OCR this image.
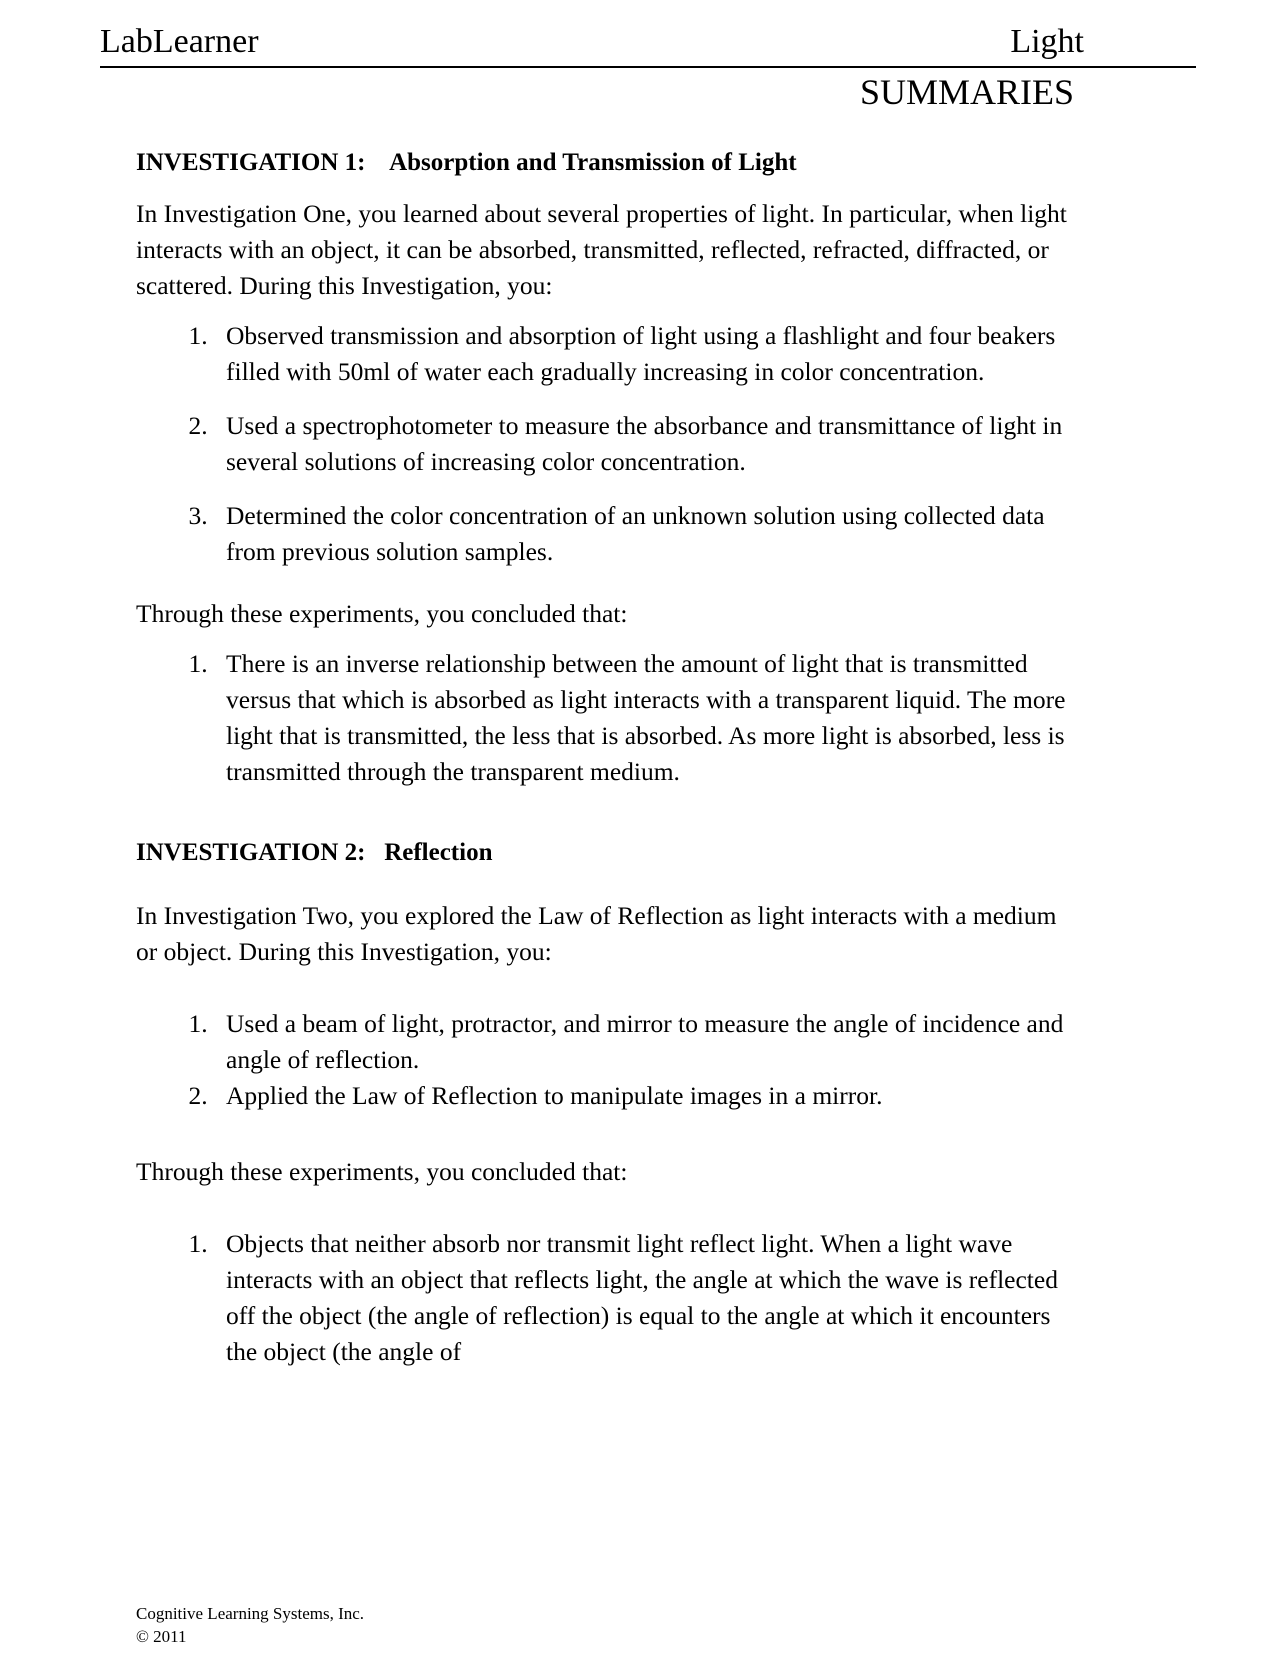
LabLearner	Light
SUMMARIES
INVESTIGATION 1:    Absorption and Transmission of Light

In Investigation One, you learned about several properties of light. In particular, when light interacts with an object, it can be absorbed, transmitted, reflected, refracted, diffracted, or scattered. During this Investigation, you:

1. Observed transmission and absorption of light using a flashlight and four beakers filled with 50ml of water each gradually increasing in color concentration.
2. Used a spectrophotometer to measure the absorbance and transmittance of light in several solutions of increasing color concentration.
3. Determined the color concentration of an unknown solution using collected data from previous solution samples.

Through these experiments, you concluded that:

1. There is an inverse relationship between the amount of light that is transmitted versus that which is absorbed as light interacts with a transparent liquid. The more light that is transmitted, the less that is absorbed. As more light is absorbed, less is transmitted through the transparent medium.
INVESTIGATION 2:   Reflection

In Investigation Two, you explored the Law of Reflection as light interacts with a medium or object. During this Investigation, you:

1. Used a beam of light, protractor, and mirror to measure the angle of incidence and angle of reflection.
2. Applied the Law of Reflection to manipulate images in a mirror.

Through these experiments, you concluded that:

1. Objects that neither absorb nor transmit light reflect light. When a light wave interacts with an object that reflects light, the angle at which the wave is reflected off the object (the angle of reflection) is equal to the angle at which it encounters the object (the angle of
Cognitive Learning Systems, Inc.
© 2011
